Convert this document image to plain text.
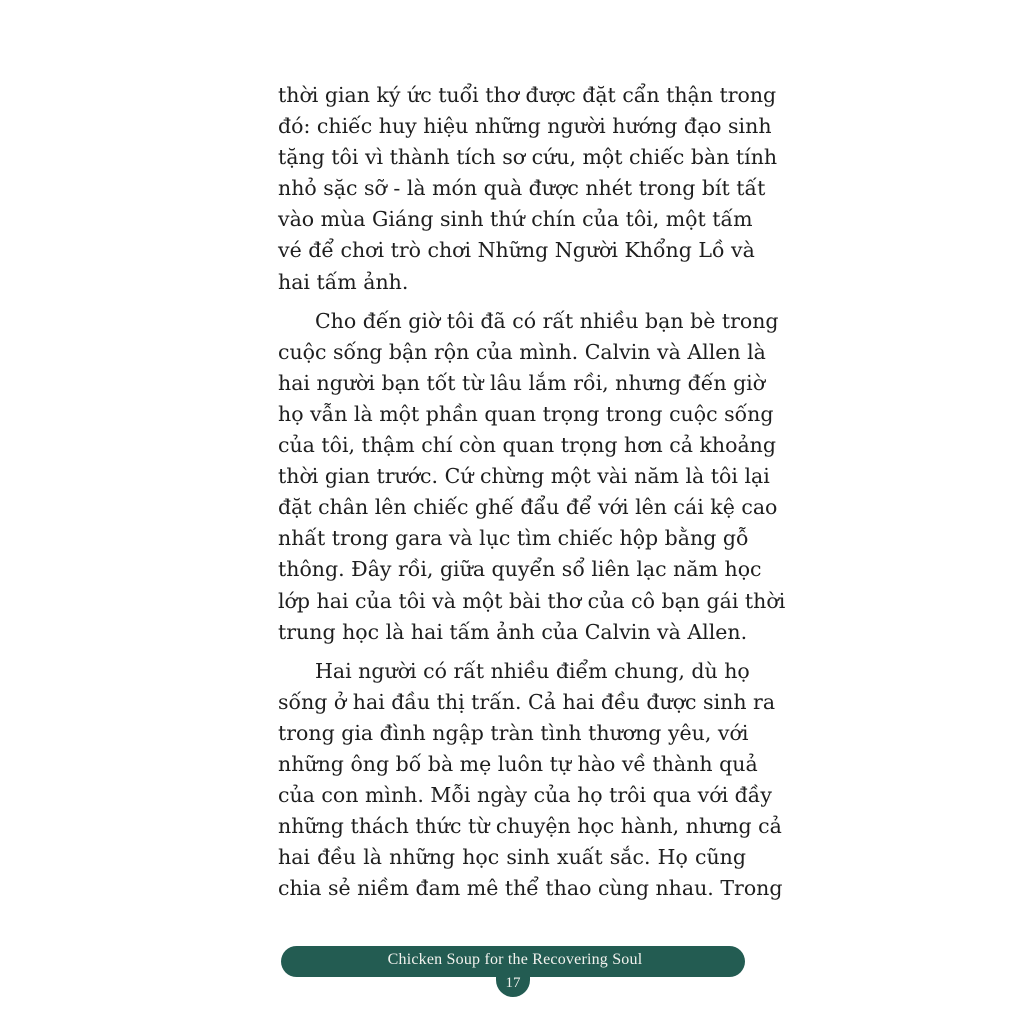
thời gian ký ức tuổi thơ được đặt cẩn thận trong
đó: chiếc huy hiệu những người hướng đạo sinh
tặng tôi vì thành tích sơ cứu, một chiếc bàn tính
nhỏ sặc sỡ - là món quà được nhét trong bít tất
vào mùa Giáng sinh thứ chín của tôi, một tấm
vé để chơi trò chơi Những Người Khổng Lồ và
hai tấm ảnh.
Cho đến giờ tôi đã có rất nhiều bạn bè trong
cuộc sống bận rộn của mình. Calvin và Allen là
hai người bạn tốt từ lâu lắm rồi, nhưng đến giờ
họ vẫn là một phần quan trọng trong cuộc sống
của tôi, thậm chí còn quan trọng hơn cả khoảng
thời gian trước. Cứ chừng một vài năm là tôi lại
đặt chân lên chiếc ghế đẩu để với lên cái kệ cao
nhất trong gara và lục tìm chiếc hộp bằng gỗ
thông. Đây rồi, giữa quyển sổ liên lạc năm học
lớp hai của tôi và một bài thơ của cô bạn gái thời
trung học là hai tấm ảnh của Calvin và Allen.
Hai người có rất nhiều điểm chung, dù họ
sống ở hai đầu thị trấn. Cả hai đều được sinh ra
trong gia đình ngập tràn tình thương yêu, với
những ông bố bà mẹ luôn tự hào về thành quả
của con mình. Mỗi ngày của họ trôi qua với đầy
những thách thức từ chuyện học hành, nhưng cả
hai đều là những học sinh xuất sắc. Họ cũng
chia sẻ niềm đam mê thể thao cùng nhau. Trong
Chicken Soup for the Recovering Soul
17
